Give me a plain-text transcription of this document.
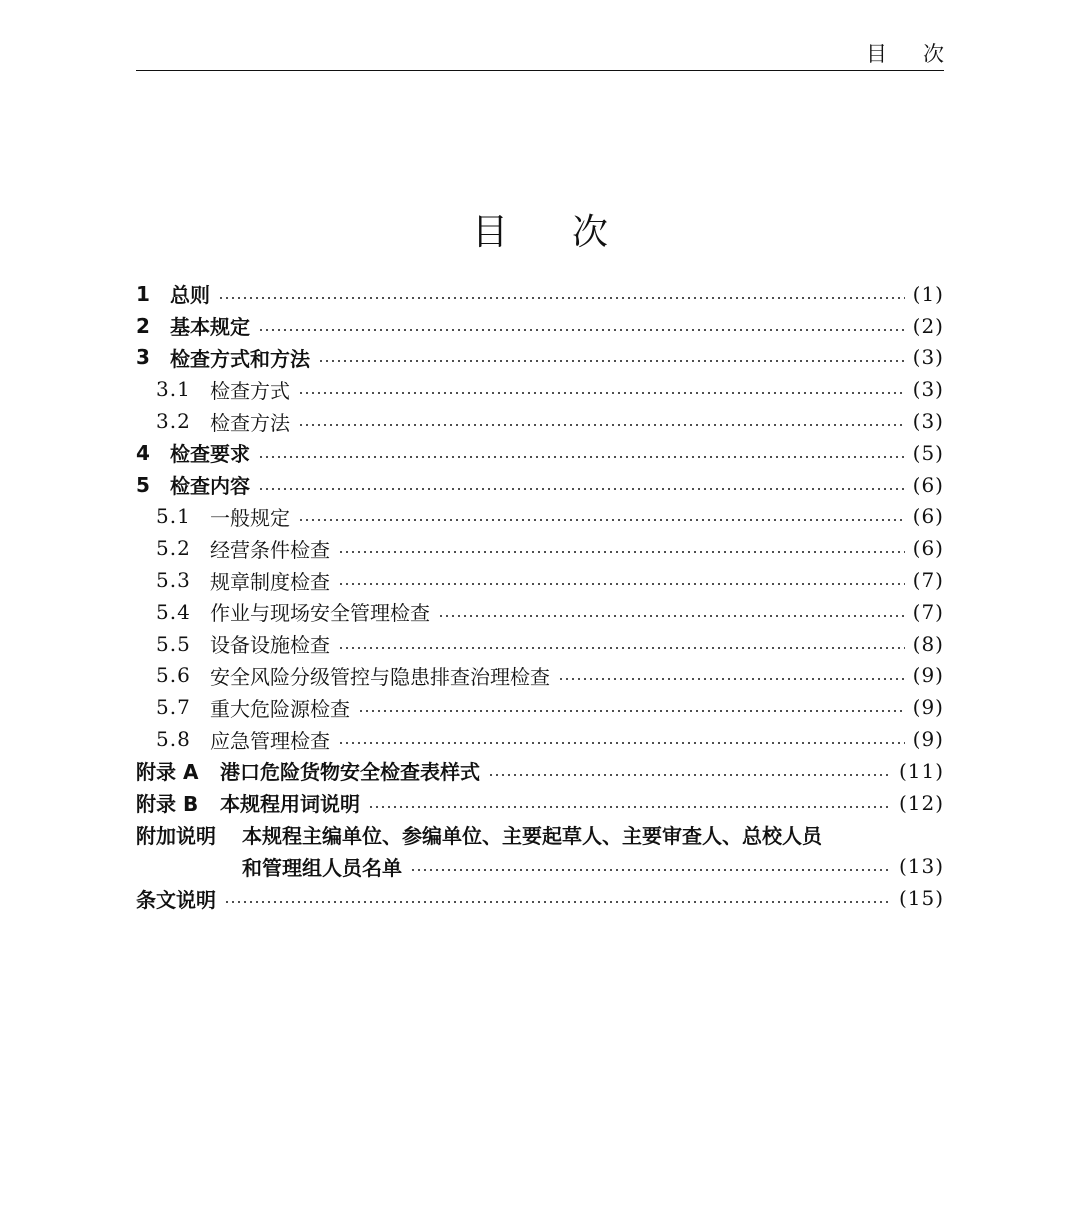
目 次
目 次
1	总则	(1)
2	基本规定	(2)
3	检查方式和方法	(3)
3.1 检查方式	(3)
3.2 检查方法	(3)
4	检查要求	(5)
5	检查内容	(6)
5.1 一般规定	(6)
5.2 经营条件检查	(6)
5.3 规章制度检查	(7)
5.4 作业与现场安全管理检查	(7)
5.5 设备设施检查	(8)
5.6 安全风险分级管控与隐患排查治理检查	(9)
5.7 重大危险源检查	(9)
5.8 应急管理检查	(9)
附录 A	港口危险货物安全检查表样式	(11)
附录 B	本规程用词说明	(12)
附加说明	本规程主编单位、参编单位、主要起草人、主要审查人、总校人员
和管理组人员名单	(13)
条文说明	(15)
